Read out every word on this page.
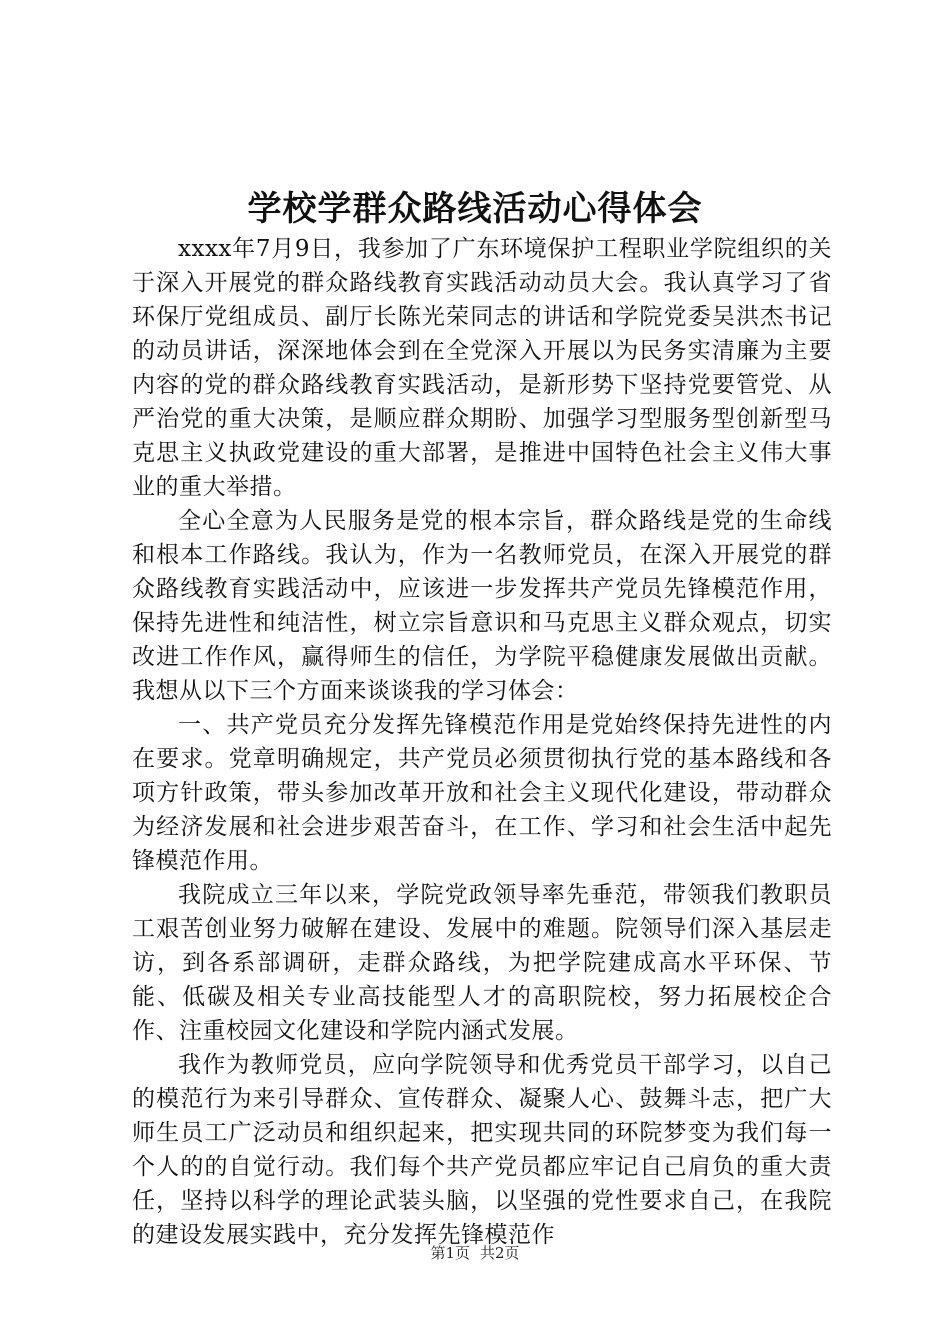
学校学群众路线活动心得体会

xxxx年7月9日，我参加了广东环境保护工程职业学院组织的关于深入开展党的群众路线教育实践活动动员大会。我认真学习了省环保厅党组成员、副厅长陈光荣同志的讲话和学院党委吴洪杰书记的动员讲话，深深地体会到在全党深入开展以为民务实清廉为主要内容的党的群众路线教育实践活动，是新形势下坚持党要管党、从严治党的重大决策，是顺应群众期盼、加强学习型服务型创新型马克思主义执政党建设的重大部署，是推进中国特色社会主义伟大事业的重大举措。

全心全意为人民服务是党的根本宗旨，群众路线是党的生命线和根本工作路线。我认为，作为一名教师党员，在深入开展党的群众路线教育实践活动中，应该进一步发挥共产党员先锋模范作用，保持先进性和纯洁性，树立宗旨意识和马克思主义群众观点，切实改进工作作风，赢得师生的信任，为学院平稳健康发展做出贡献。我想从以下三个方面来谈谈我的学习体会：

一、共产党员充分发挥先锋模范作用是党始终保持先进性的内在要求。党章明确规定，共产党员必须贯彻执行党的基本路线和各项方针政策，带头参加改革开放和社会主义现代化建设，带动群众为经济发展和社会进步艰苦奋斗，在工作、学习和社会生活中起先锋模范作用。

我院成立三年以来，学院党政领导率先垂范，带领我们教职员工艰苦创业努力破解在建设、发展中的难题。院领导们深入基层走访，到各系部调研，走群众路线，为把学院建成高水平环保、节能、低碳及相关专业高技能型人才的高职院校，努力拓展校企合作、注重校园文化建设和学院内涵式发展。

我作为教师党员，应向学院领导和优秀党员干部学习，以自己的模范行为来引导群众、宣传群众、凝聚人心、鼓舞斗志，把广大师生员工广泛动员和组织起来，把实现共同的环院梦变为我们每一个人的的自觉行动。我们每个共产党员都应牢记自己肩负的重大责任，坚持以科学的理论武装头脑，以坚强的党性要求自己，在我院的建设发展实践中，充分发挥先锋模范作

第1页 共2页
